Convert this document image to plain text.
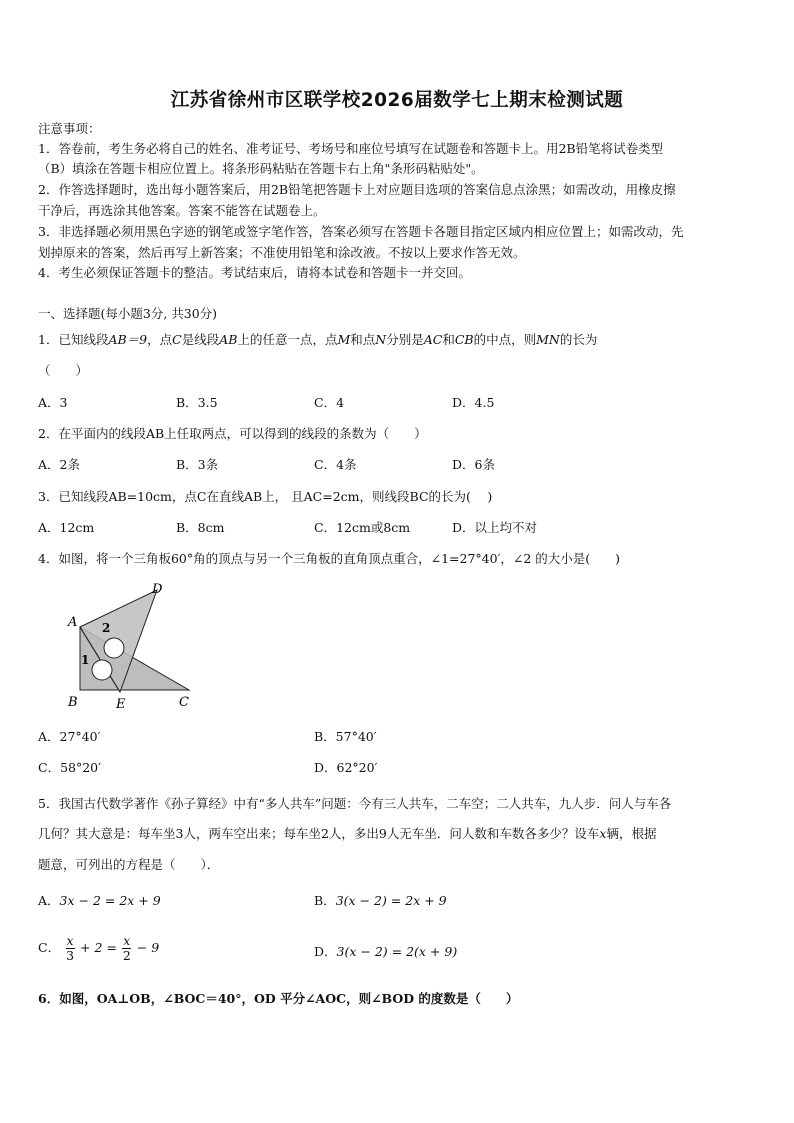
江苏省徐州市区联学校2026届数学七上期末检测试题
注意事项：
1．答卷前，考生务必将自己的姓名、准考证号、考场号和座位号填写在试题卷和答题卡上。用2B铅笔将试卷类型
（B）填涂在答题卡相应位置上。将条形码粘贴在答题卡右上角"条形码粘贴处"。
2．作答选择题时，选出每小题答案后，用2B铅笔把答题卡上对应题目选项的答案信息点涂黑；如需改动，用橡皮擦
干净后，再选涂其他答案。答案不能答在试题卷上。
3．非选择题必须用黑色字迹的钢笔或签字笔作答，答案必须写在答题卡各题目指定区域内相应位置上；如需改动，先
划掉原来的答案，然后再写上新答案；不准使用铅笔和涂改液。不按以上要求作答无效。
4．考生必须保证答题卡的整洁。考试结束后，请将本试卷和答题卡一并交回。
一、选择题(每小题3分, 共30分)
1．已知线段AB＝9，点C是线段AB上的任意一点，点M和点N分别是AC和CB的中点，则MN的长为
（　　）
A．3	B．3.5	C．4	D．4.5
2．在平面内的线段AB上任取两点，可以得到的线段的条数为（　　）
A．2条	B．3条	C．4条	D．6条
3．已知线段AB=10cm，点C在直线AB上， 且AC=2cm，则线段BC的长为(　 )
A．12cm	B．8cm	C．12cm或8cm	D．以上均不对
4．如图，将一个三角板60°角的顶点与另一个三角板的直角顶点重合，∠1=27°40′，∠2 的大小是(　　)
A
B	C
D
E
1
2
A．27°40′	B．57°40′
C．58°20′	D．62°20′
5．我国古代数学著作《孙子算经》中有“多人共车”问题：今有三人共车，二车空；二人共车，九人步．问人与车各
几何？其大意是：每车坐3人，两车空出来；每车坐2人，多出9人无车坐．问人数和车数各多少？设车x辆，根据
题意，可列出的方程是（　　）．
A．3x − 2 = 2x + 9	B．3(x − 2) = 2x + 9
C． $\frac{x}{3} + 2 = \frac{x}{2} - 9$	D．3(x − 2) = 2(x + 9)
6．如图，OA⊥OB，∠BOC＝40°，OD 平分∠AOC，则∠BOD 的度数是（　　）
